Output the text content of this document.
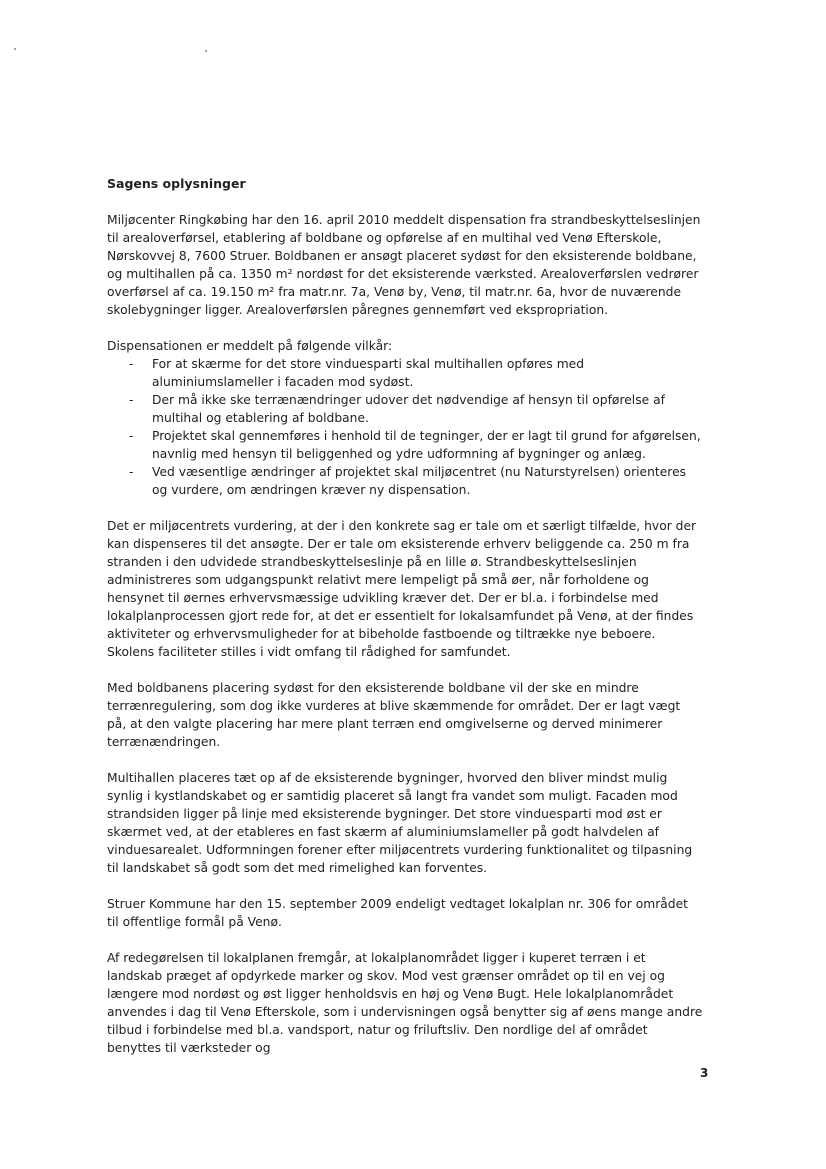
Sagens oplysninger

Miljøcenter Ringkøbing har den 16. april 2010 meddelt dispensation fra strandbeskyttelseslinjen til arealoverførsel, etablering af boldbane og opførelse af en multihal ved Venø Efterskole, Nørskovvej 8, 7600 Struer. Boldbanen er ansøgt placeret sydøst for den eksisterende boldbane, og multihallen på ca. 1350 m² nordøst for det eksisterende værksted. Arealoverførslen vedrører overførsel af ca. 19.150 m² fra matr.nr. 7a, Venø by, Venø, til matr.nr. 6a, hvor de nuværende skolebygninger ligger. Arealoverførslen påregnes gennemført ved ekspropriation.

Dispensationen er meddelt på følgende vilkår:

- For at skærme for det store vinduesparti skal multihallen opføres med aluminiumslameller i facaden mod sydøst.
- Der må ikke ske terrænændringer udover det nødvendige af hensyn til opførelse af multihal og etablering af boldbane.
- Projektet skal gennemføres i henhold til de tegninger, der er lagt til grund for afgørelsen, navnlig med hensyn til beliggenhed og ydre udformning af bygninger og anlæg.
- Ved væsentlige ændringer af projektet skal miljøcentret (nu Naturstyrelsen) orienteres og vurdere, om ændringen kræver ny dispensation.

Det er miljøcentrets vurdering, at der i den konkrete sag er tale om et særligt tilfælde, hvor der kan dispenseres til det ansøgte. Der er tale om eksisterende erhverv beliggende ca. 250 m fra stranden i den udvidede strandbeskyttelseslinje på en lille ø. Strandbeskyttelseslinjen administreres som udgangspunkt relativt mere lempeligt på små øer, når forholdene og hensynet til øernes erhvervsmæssige udvikling kræver det. Der er bl.a. i forbindelse med lokalplanprocessen gjort rede for, at det er essentielt for lokalsamfundet på Venø, at der findes aktiviteter og erhvervsmuligheder for at bibeholde fastboende og tiltrække nye beboere. Skolens faciliteter stilles i vidt omfang til rådighed for samfundet.

Med boldbanens placering sydøst for den eksisterende boldbane vil der ske en mindre terrænregulering, som dog ikke vurderes at blive skæmmende for området. Der er lagt vægt på, at den valgte placering har mere plant terræn end omgivelserne og derved minimerer terrænændringen.

Multihallen placeres tæt op af de eksisterende bygninger, hvorved den bliver mindst mulig synlig i kystlandskabet og er samtidig placeret så langt fra vandet som muligt. Facaden mod strandsiden ligger på linje med eksisterende bygninger. Det store vinduesparti mod øst er skærmet ved, at der etableres en fast skærm af aluminiumslameller på godt halvdelen af vinduesarealet. Udformningen forener efter miljøcentrets vurdering funktionalitet og tilpasning til landskabet så godt som det med rimelighed kan forventes.

Struer Kommune har den 15. september 2009 endeligt vedtaget lokalplan nr. 306 for området til offentlige formål på Venø.

Af redegørelsen til lokalplanen fremgår, at lokalplanområdet ligger i kuperet terræn i et landskab præget af opdyrkede marker og skov. Mod vest grænser området op til en vej og længere mod nordøst og øst ligger henholdsvis en høj og Venø Bugt. Hele lokalplanområdet anvendes i dag til Venø Efterskole, som i undervisningen også benytter sig af øens mange andre tilbud i forbindelse med bl.a. vandsport, natur og friluftsliv. Den nordlige del af området benyttes til værksteder og

3
